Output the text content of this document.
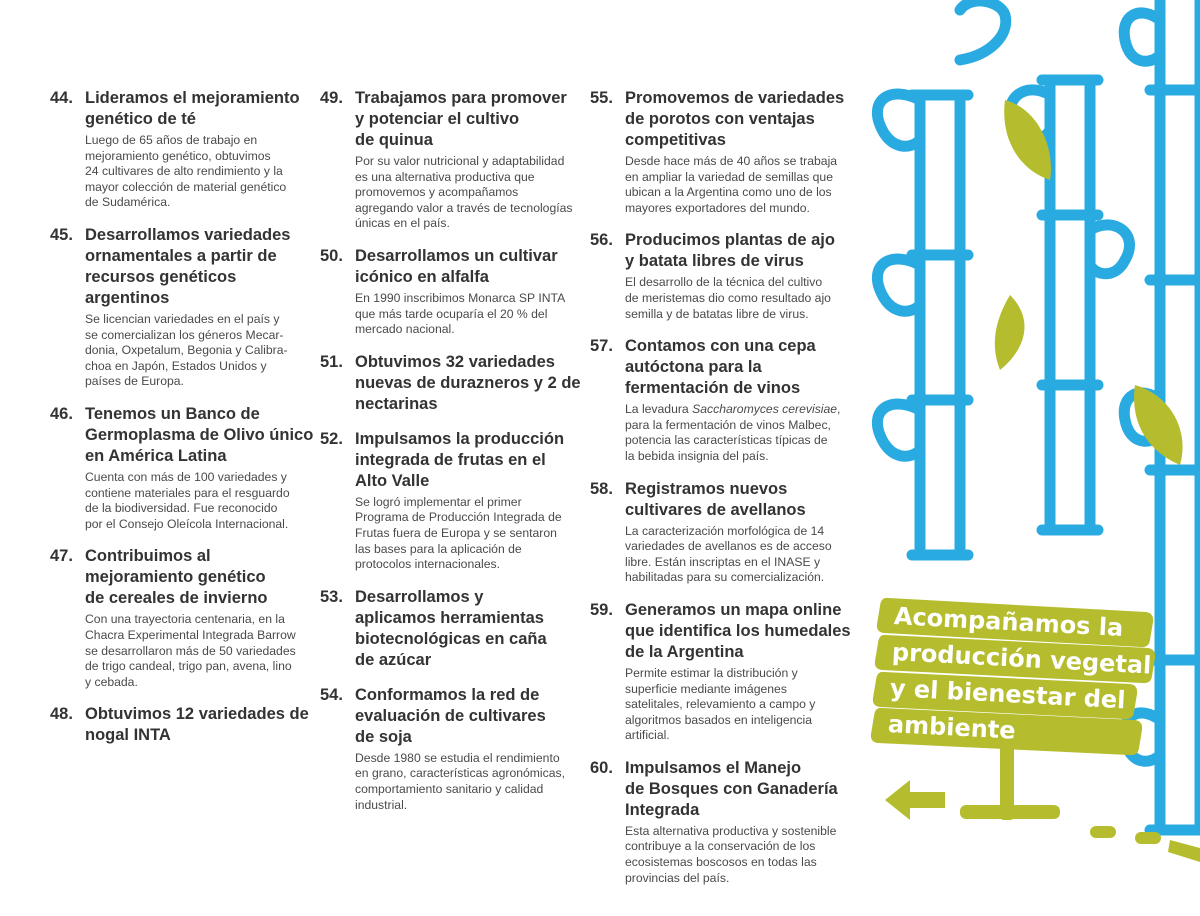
44. Lideramos el mejoramiento
genético de té
Luego de 65 años de trabajo en
mejoramiento genético, obtuvimos
24 cultivares de alto rendimiento y la
mayor colección de material genético
de Sudamérica.
45. Desarrollamos variedades
ornamentales a partir de
recursos genéticos
argentinos
Se licencian variedades en el país y
se comercializan los géneros Mecar-
donia, Oxpetalum, Begonia y Calibra-
choa en Japón, Estados Unidos y
países de Europa.
46. Tenemos un Banco de
Germoplasma de Olivo único
en América Latina
Cuenta con más de 100 variedades y
contiene materiales para el resguardo
de la biodiversidad. Fue reconocido
por el Consejo Oleícola Internacional.
47. Contribuimos al
mejoramiento genético
de cereales de invierno
Con una trayectoria centenaria, en la
Chacra Experimental Integrada Barrow
se desarrollaron más de 50 variedades
de trigo candeal, trigo pan, avena, lino
y cebada.
48. Obtuvimos 12 variedades de
nogal INTA
49. Trabajamos para promover
y potenciar el cultivo
de quinua
Por su valor nutricional y adaptabilidad
es una alternativa productiva que
promovemos y acompañamos
agregando valor a través de tecnologías
únicas en el país.
50. Desarrollamos un cultivar
icónico en alfalfa
En 1990 inscribimos Monarca SP INTA
que más tarde ocuparía el 20 % del
mercado nacional.
51. Obtuvimos 32 variedades
nuevas de durazneros y 2 de
nectarinas
52. Impulsamos la producción
integrada de frutas en el
Alto Valle
Se logró implementar el primer
Programa de Producción Integrada de
Frutas fuera de Europa y se sentaron
las bases para la aplicación de
protocolos internacionales.
53. Desarrollamos y
aplicamos herramientas
biotecnológicas en caña
de azúcar
54. Conformamos la red de
evaluación de cultivares
de soja
Desde 1980 se estudia el rendimiento
en grano, características agronómicas,
comportamiento sanitario y calidad
industrial.
55. Promovemos de variedades
de porotos con ventajas
competitivas
Desde hace más de 40 años se trabaja
en ampliar la variedad de semillas que
ubican a la Argentina como uno de los
mayores exportadores del mundo.
56. Producimos plantas de ajo
y batata libres de virus
El desarrollo de la técnica del cultivo
de meristemas dio como resultado ajo
semilla y de batatas libre de virus.
57. Contamos con una cepa
autóctona para la
fermentación de vinos
La levadura Saccharomyces cerevisiae,
para la fermentación de vinos Malbec,
potencia las características típicas de
la bebida insignia del país.
58. Registramos nuevos
cultivares de avellanos
La caracterización morfológica de 14
variedades de avellanos es de acceso
libre. Están inscriptas en el INASE y
habilitadas para su comercialización.
59. Generamos un mapa online
que identifica los humedales
de la Argentina
Permite estimar la distribución y
superficie mediante imágenes
satelitales, relevamiento a campo y
algoritmos basados en inteligencia
artificial.
60. Impulsamos el Manejo
de Bosques con Ganadería
Integrada
Esta alternativa productiva y sostenible
contribuye a la conservación de los
ecosistemas boscosos en todas las
provincias del país.
Acompañamos la
producción vegetal
y el bienestar del
ambiente
